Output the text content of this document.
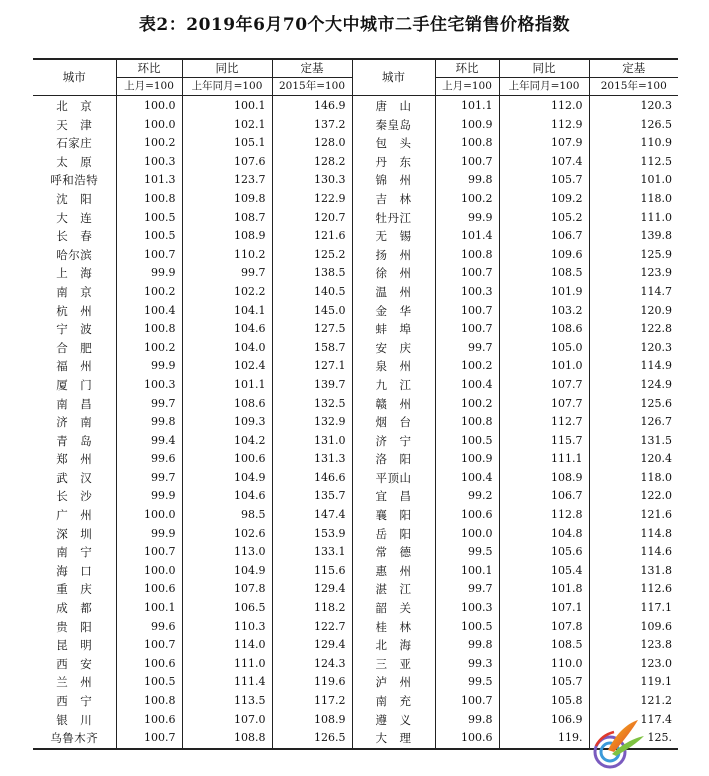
表2：2019年6月70个大中城市二手住宅销售价格指数
城市	环比	同比	定基	城市	环比	同比	定基
	上月=100	上年同月=100	2015年=100		上月=100	上年同月=100	2015年=100
北　京	100.0	100.1	146.9	唐　山	101.1	112.0	120.3
天　津	100.0	102.1	137.2	秦皇岛	100.9	112.9	126.5
石家庄	100.2	105.1	128.0	包　头	100.8	107.9	110.9
太　原	100.3	107.6	128.2	丹　东	100.7	107.4	112.5
呼和浩特	101.3	123.7	130.3	锦　州	99.8	105.7	101.0
沈　阳	100.8	109.8	122.9	吉　林	100.2	109.2	118.0
大　连	100.5	108.7	120.7	牡丹江	99.9	105.2	111.0
长　春	100.5	108.9	121.6	无　锡	101.4	106.7	139.8
哈尔滨	100.7	110.2	125.2	扬　州	100.8	109.6	125.9
上　海	99.9	99.7	138.5	徐　州	100.7	108.5	123.9
南　京	100.2	102.2	140.5	温　州	100.3	101.9	114.7
杭　州	100.4	104.1	145.0	金　华	100.7	103.2	120.9
宁　波	100.8	104.6	127.5	蚌　埠	100.7	108.6	122.8
合　肥	100.2	104.0	158.7	安　庆	99.7	105.0	120.3
福　州	99.9	102.4	127.1	泉　州	100.2	101.0	114.9
厦　门	100.3	101.1	139.7	九　江	100.4	107.7	124.9
南　昌	99.7	108.6	132.5	赣　州	100.2	107.7	125.6
济　南	99.8	109.3	132.9	烟　台	100.8	112.7	126.7
青　岛	99.4	104.2	131.0	济　宁	100.5	115.7	131.5
郑　州	99.6	100.6	131.3	洛　阳	100.9	111.1	120.4
武　汉	99.7	104.9	146.6	平顶山	100.4	108.9	118.0
长　沙	99.9	104.6	135.7	宜　昌	99.2	106.7	122.0
广　州	100.0	98.5	147.4	襄　阳	100.6	112.8	121.6
深　圳	99.9	102.6	153.9	岳　阳	100.0	104.8	114.8
南　宁	100.7	113.0	133.1	常　德	99.5	105.6	114.6
海　口	100.0	104.9	115.6	惠　州	100.1	105.4	131.8
重　庆	100.6	107.8	129.4	湛　江	99.7	101.8	112.6
成　都	100.1	106.5	118.2	韶　关	100.3	107.1	117.1
贵　阳	99.6	110.3	122.7	桂　林	100.5	107.8	109.6
昆　明	100.7	114.0	129.4	北　海	99.8	108.5	123.8
西　安	100.6	111.0	124.3	三　亚	99.3	110.0	123.0
兰　州	100.5	111.4	119.6	泸　州	99.5	105.7	119.1
西　宁	100.8	113.5	117.2	南　充	100.7	105.8	121.2
银　川	100.6	107.0	108.9	遵　义	99.8	106.9	117.4
乌鲁木齐	100.7	108.8	126.5	大　理	100.6	119.	125.
